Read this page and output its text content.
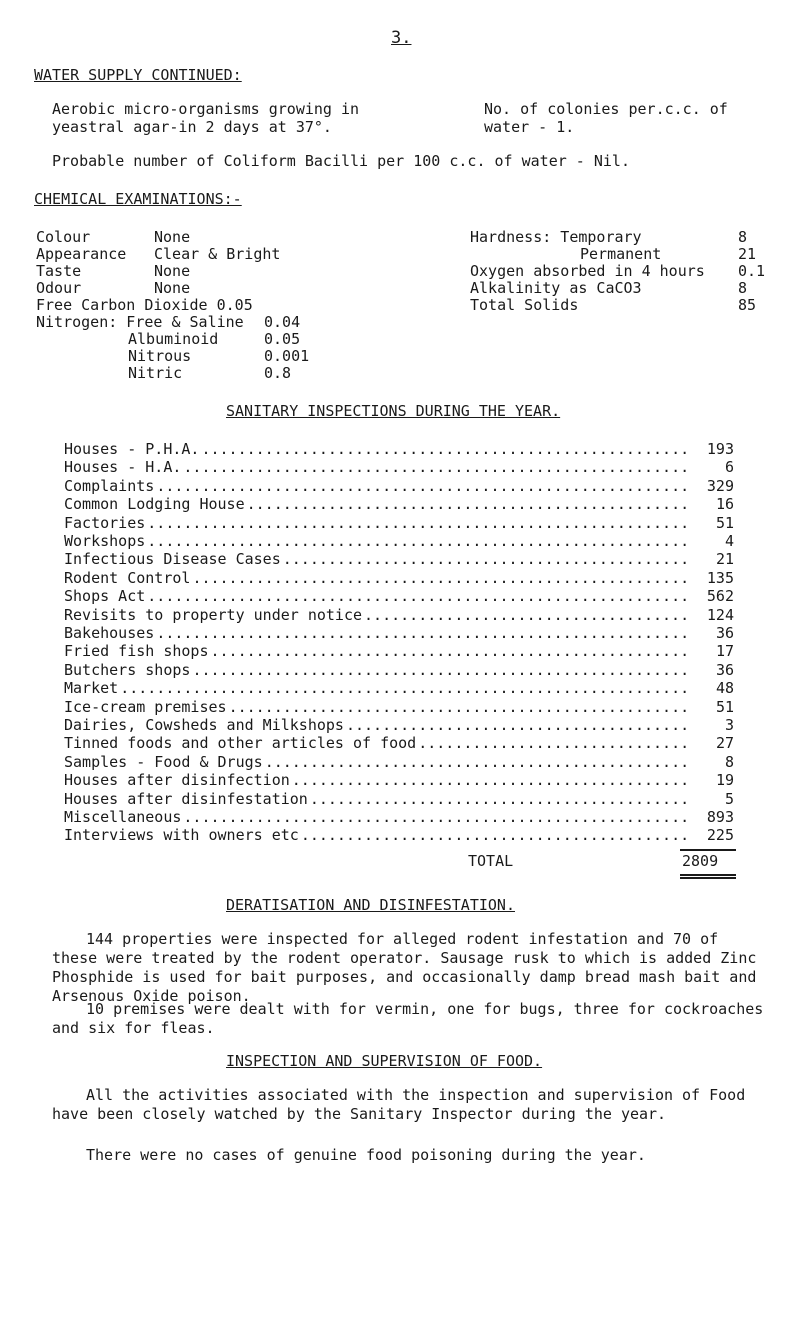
3.
WATER SUPPLY CONTINUED:
Aerobic micro-organisms growing in
yeastral agar-in 2 days at 37°.
No. of colonies per.c.c. of
water - 1.
Probable number of Coliform Bacilli per 100 c.c. of water - Nil.
CHEMICAL EXAMINATIONS:-
Colour	None
Appearance Clear & Bright
Taste	None
Odour	None
Free Carbon Dioxide 0.05
Nitrogen: Free & Saline 0.04
Albuminoid	0.05
Nitrous	0.001
Nitric	0.8
Hardness: Temporary	8
Permanent	21
Oxygen absorbed in 4 hours 0.1
Alkalinity as CaCO3	8
Total Solids	85
SANITARY INSPECTIONS DURING THE YEAR.
Houses - P.H.A. .....	193
Houses - H.A. .....	6
Complaints .....	329
Common Lodging House .....	16
Factories .....	51
Workshops .....	4
Infectious Disease Cases .....	21
Rodent Control .....	135
Shops Act .....	562
Revisits to property under notice .....	124
Bakehouses .....	36
Fried fish shops .....	17
Butchers shops .....	36
Market .....	48
Ice-cream premises .....	51
Dairies, Cowsheds and Milkshops .....	3
Tinned foods and other articles of food .....	27
Samples - Food & Drugs .....	8
Houses after disinfection .....	19
Houses after disinfestation .....	5
Miscellaneous .....	893
Interviews with owners etc .....	225
TOTAL	2809
DERATISATION AND DISINFESTATION.
144 properties were inspected for alleged rodent infestation and 70 of these were treated by the rodent operator. Sausage rusk to which is added Zinc Phosphide is used for bait purposes, and occasionally damp bread mash bait and Arsenous Oxide poison.
10 premises were dealt with for vermin, one for bugs, three for cockroaches and six for fleas.
INSPECTION AND SUPERVISION OF FOOD.
All the activities associated with the inspection and supervision of Food have been closely watched by the Sanitary Inspector during the year.
There were no cases of genuine food poisoning during the year.
